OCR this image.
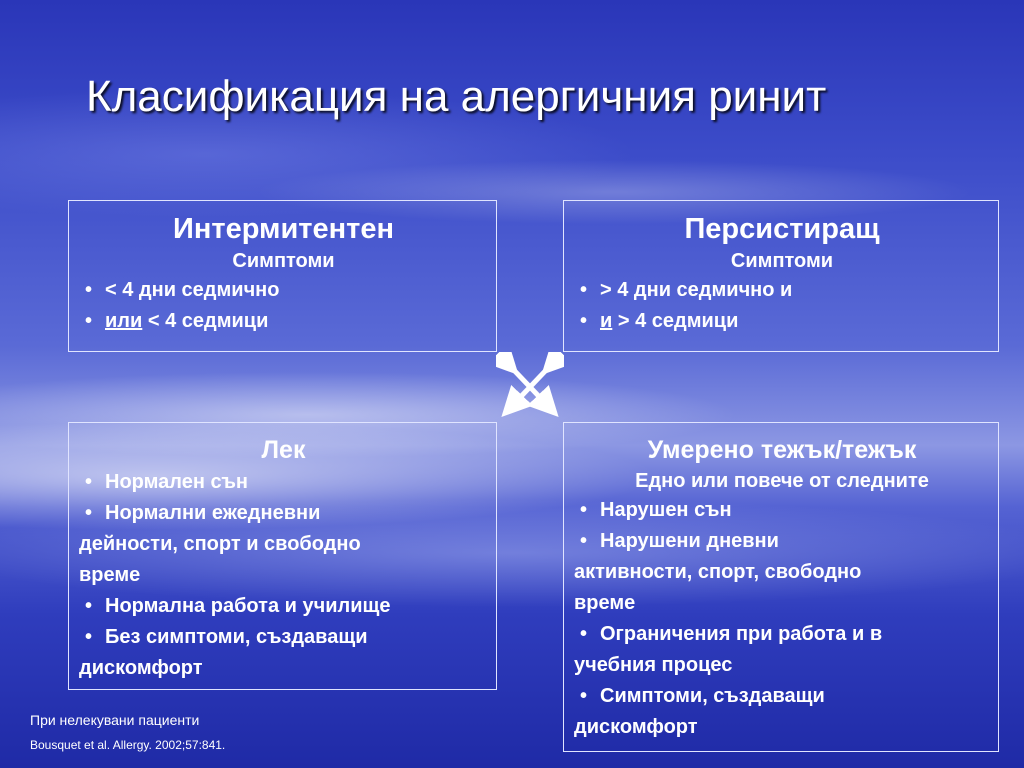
Класификация на алергичния ринит
Интермитентен
Симптоми
• < 4 дни седмично
• или < 4 седмици
Персистиращ
Симптоми
• > 4 дни седмично и
• и > 4 седмици
Лек
• Нормален сън
• Нормални ежедневни
дейности, спорт и свободно
време
• Нормална работа и училище
• Без симптоми, създаващи
дискомфорт
Умерено тежък/тежък
Едно или повече от следните
• Нарушен сън
• Нарушени дневни
активности, спорт, свободно
време
• Ограничения при работа и в
учебния процес
• Симптоми, създаващи
дискомфорт
При нелекувани пациенти
Bousquet et al. Allergy. 2002;57:841.
